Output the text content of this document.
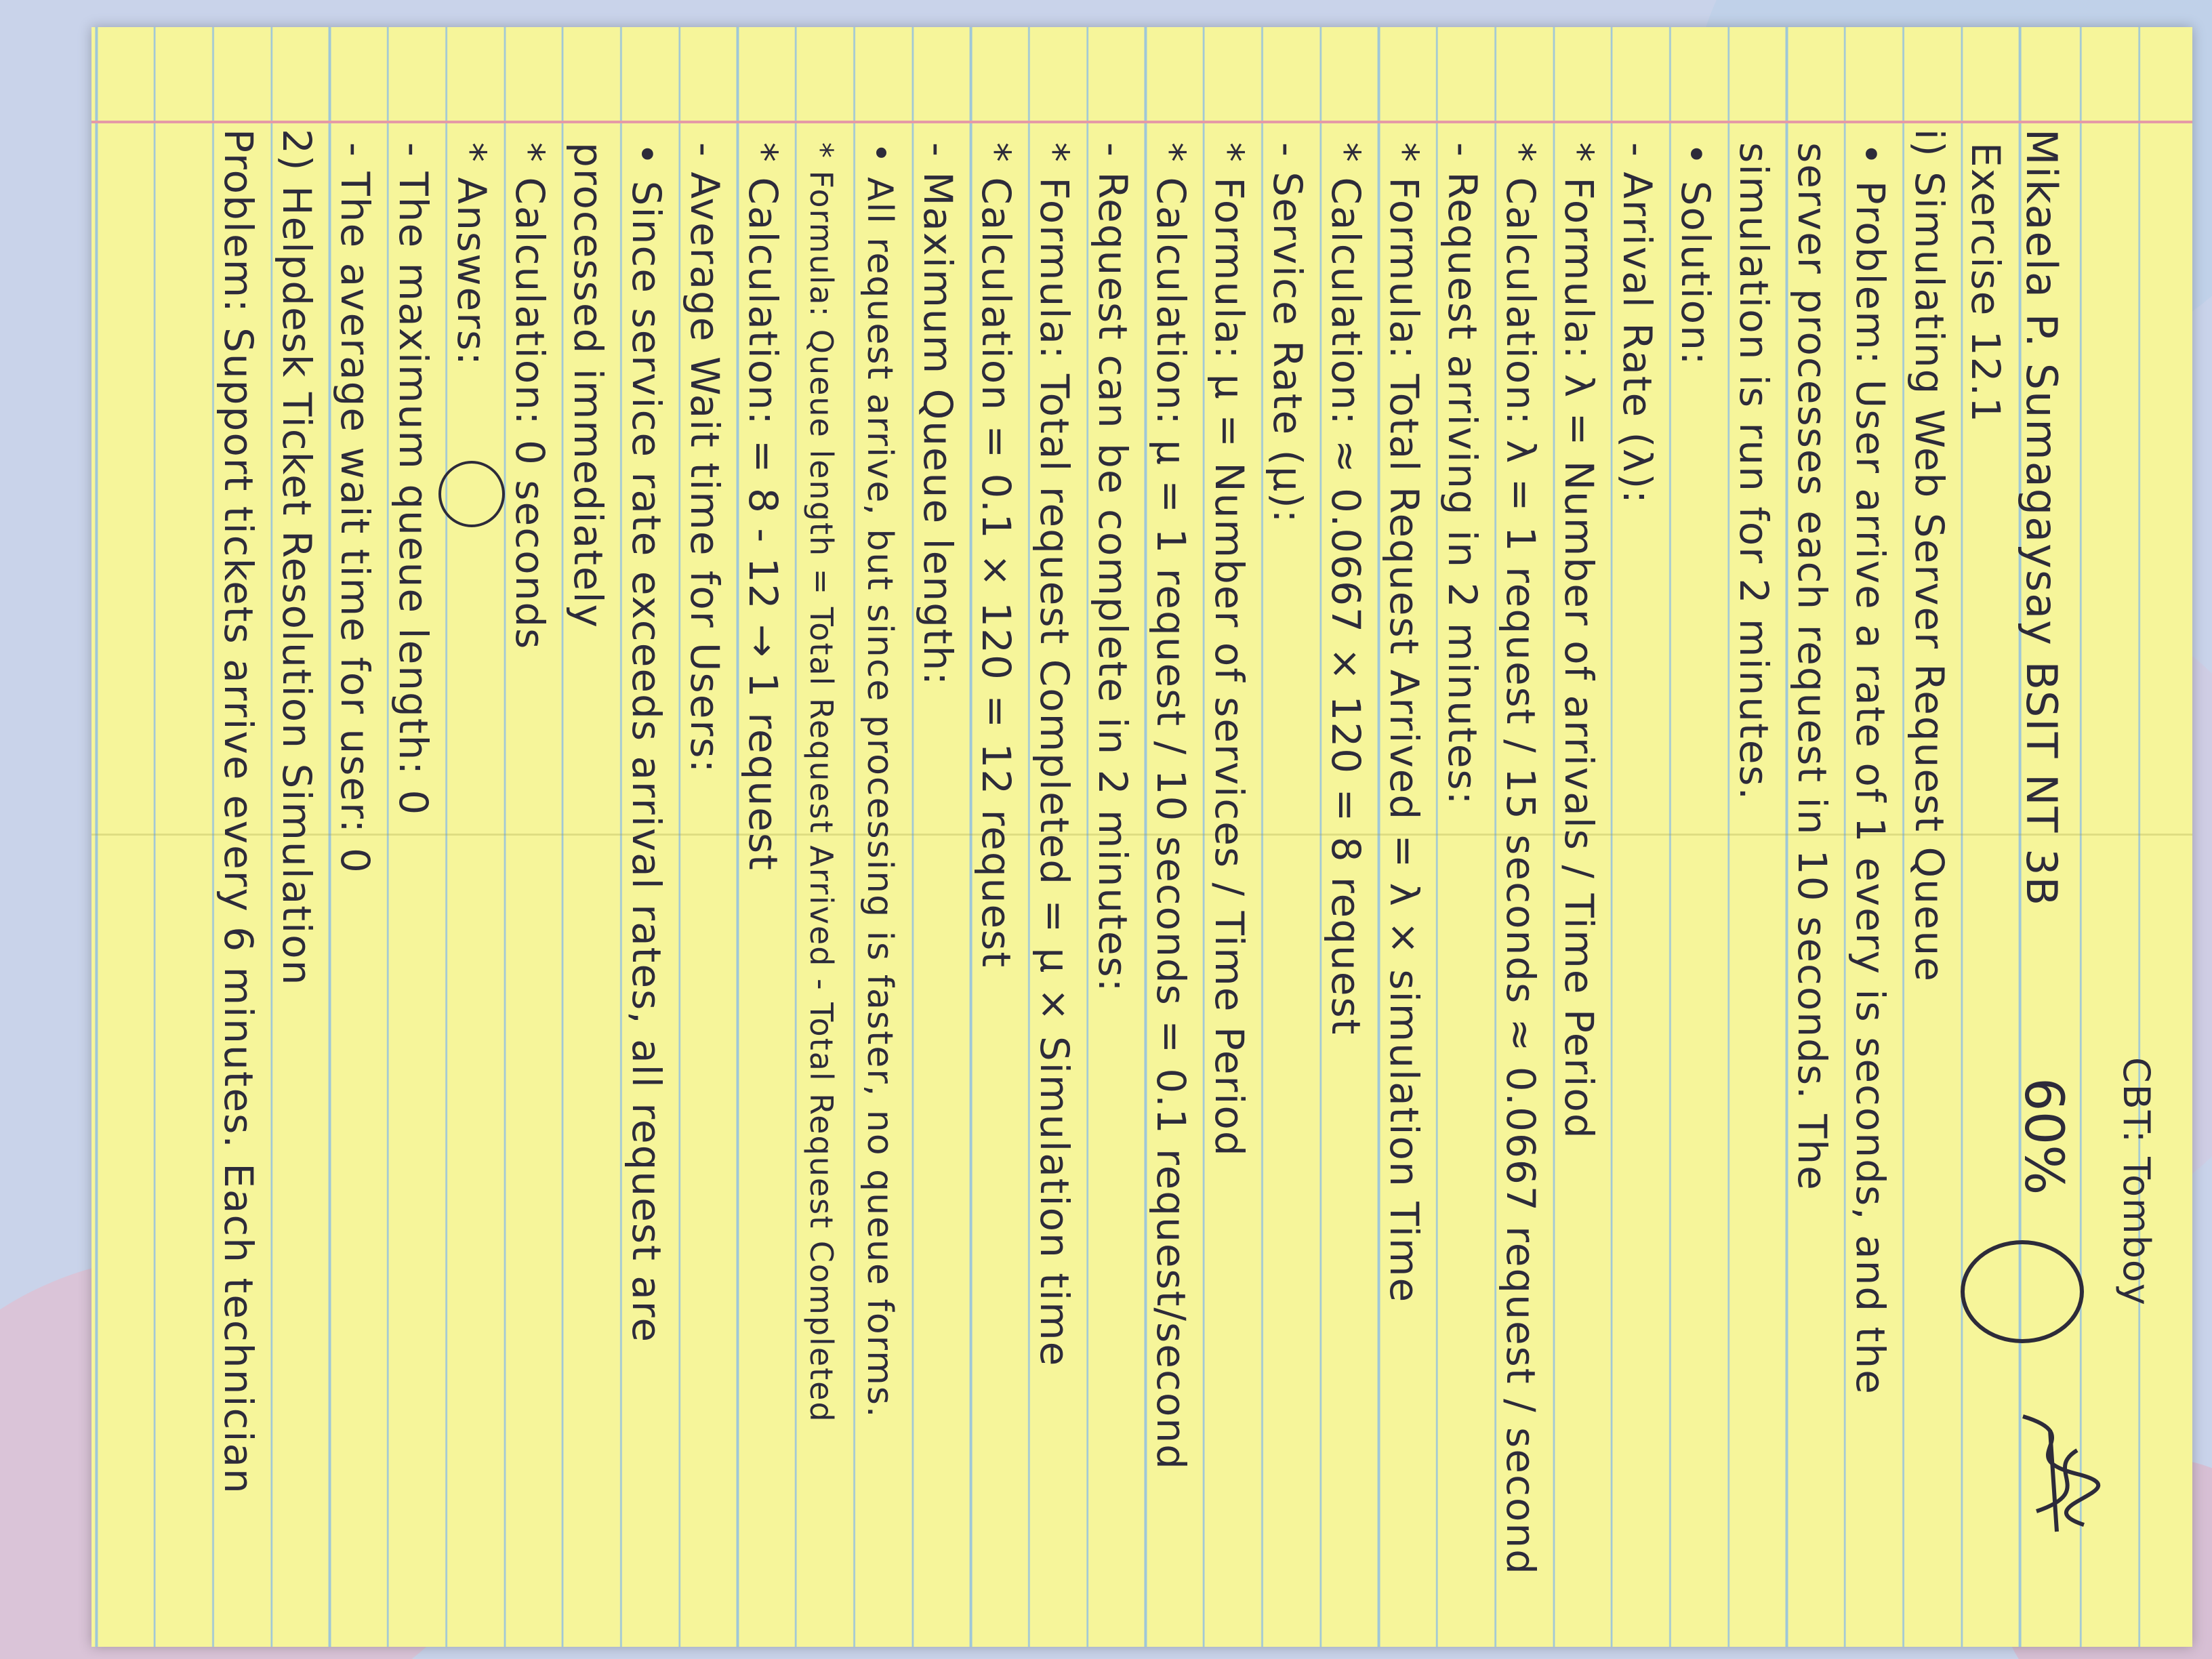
CBT: Tomboy
60%
Mikaela P. Sumagaysay BSIT NT 3B
Exercise 12.1
i) Simulating Web Server Request Queue
• Problem: User arrive a rate of 1 every is seconds, and the
server processes each request in 10 seconds. The
simulation is run for 2 minutes.
• Solution:
- Arrival Rate (λ):
* Formula: λ = Number of arrivals / Time Period
* Calculation: λ = 1 request / 15 seconds ≈ 0.0667 request / second
- Request arriving in 2 minutes:
* Formula: Total Request Arrived = λ × simulation Time
* Calculation: ≈ 0.0667 × 120 = 8 request
- Service Rate (μ):
* Formula: μ = Number of services / Time Period
* Calculation: μ = 1 request / 10 seconds = 0.1 request/second
- Request can be complete in 2 minutes:
* Formula: Total request Completed = μ × Simulation time
* Calculation = 0.1 × 120 = 12 request
- Maximum Queue length:
• All request arrive, but since processing is faster, no queue forms.
* Formula: Queue length = Total Request Arrived - Total Request Completed
* Calculation: = 8 - 12 → 1 request
- Average Wait time for Users:
• Since service rate exceeds arrival rates, all request are
processed immediately
* Calculation: 0 seconds
* Answers:
- The maximum queue length: 0
- The average wait time for user: 0
2) Helpdesk Ticket Resolution Simulation
Problem: Support tickets arrive every 6 minutes. Each technician
